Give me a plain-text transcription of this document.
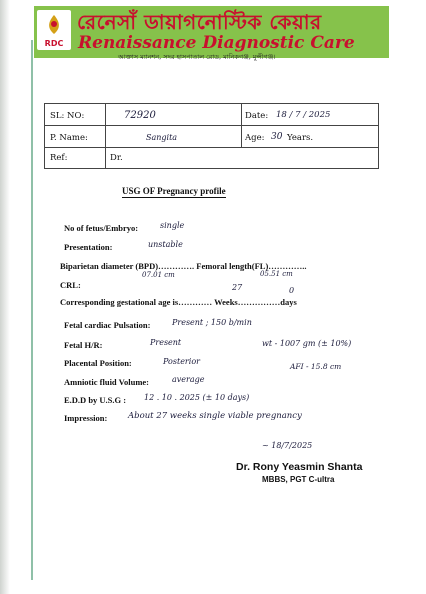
RDC
রেনেসাঁ ডায়াগনোস্টিক কেয়ার
Renaissance Diagnostic Care
আক্তাস ম্যানশন, সদর হাসপাতাল রোড, মানিকগঞ্জ, মুন্সীগঞ্জ।
SL: NO:	72920	Date: 18 / 7 / 2025
P. Name:	Sangita	Age: 30 Years.
Ref:	Dr.
USG OF Pregnancy profile
No of fetus/Embryo:	single
Presentation:	unstable
Biparietan diameter (BPD)…………. Femoral length(FL)…………..
07.01 cm	05.51 cm
CRL:	27	0
Corresponding gestational age is………… Weeks……………days
Fetal cardiac Pulsation:	Present ; 150 b/min
Fetal H/R:	Present	wt - 1007 gm (± 10%)
Placental Position:	Posterior
AFI - 15.8 cm
Amniotic fluid Volume:	average
E.D.D by U.S.G : 12 . 10 . 2025 (± 10 days)
Impression: About 27 weeks single viable pregnancy
~ 18/7/2025
Dr. Rony Yeasmin Shanta
MBBS, PGT C-ultra
